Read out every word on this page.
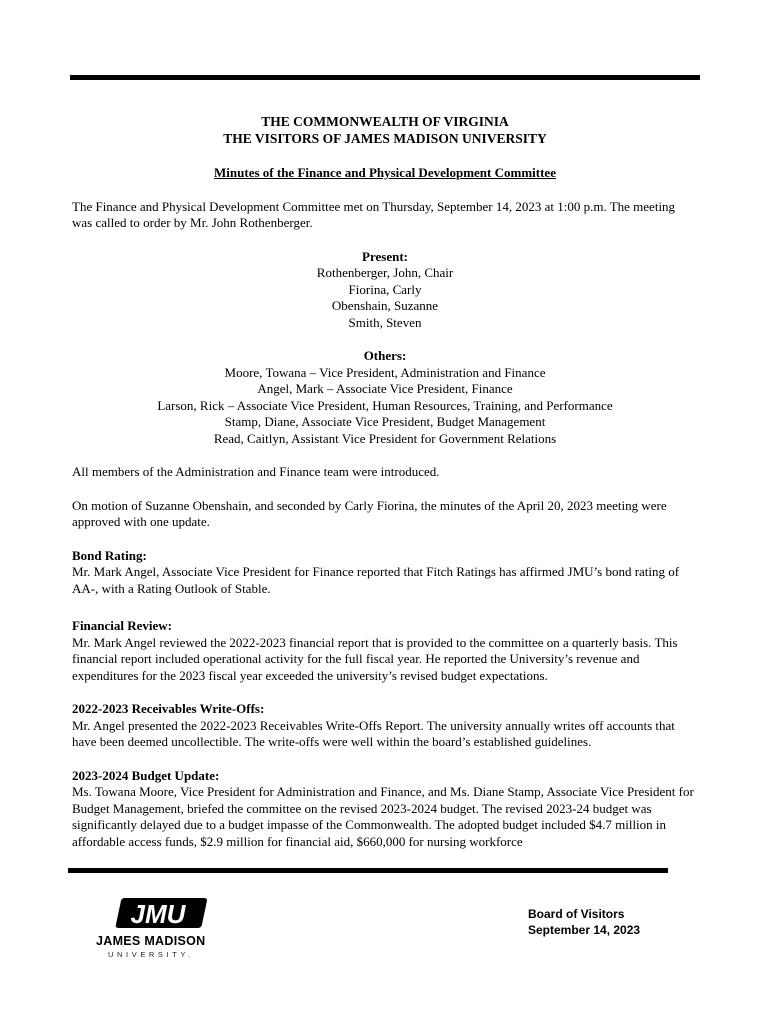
THE COMMONWEALTH OF VIRGINIA
THE VISITORS OF JAMES MADISON UNIVERSITY
Minutes of the Finance and Physical Development Committee
The Finance and Physical Development Committee met on Thursday, September 14, 2023 at 1:00 p.m. The meeting was called to order by Mr. John Rothenberger.
Present:
Rothenberger, John, Chair
Fiorina, Carly
Obenshain, Suzanne
Smith, Steven
Others:
Moore, Towana – Vice President, Administration and Finance
Angel, Mark – Associate Vice President, Finance
Larson, Rick – Associate Vice President, Human Resources, Training, and Performance
Stamp, Diane, Associate Vice President, Budget Management
Read, Caitlyn, Assistant Vice President for Government Relations
All members of the Administration and Finance team were introduced.
On motion of Suzanne Obenshain, and seconded by Carly Fiorina, the minutes of the April 20, 2023 meeting were approved with one update.
Bond Rating:
Mr. Mark Angel, Associate Vice President for Finance reported that Fitch Ratings has affirmed JMU’s bond rating of AA-, with a Rating Outlook of Stable.
Financial Review:
Mr. Mark Angel reviewed the 2022-2023 financial report that is provided to the committee on a quarterly basis. This financial report included operational activity for the full fiscal year. He reported the University’s revenue and expenditures for the 2023 fiscal year exceeded the university’s revised budget expectations.
2022-2023 Receivables Write-Offs:
Mr. Angel presented the 2022-2023 Receivables Write-Offs Report. The university annually writes off accounts that have been deemed uncollectible. The write-offs were well within the board’s established guidelines.
2023-2024 Budget Update:
Ms. Towana Moore, Vice President for Administration and Finance, and Ms. Diane Stamp, Associate Vice President for Budget Management, briefed the committee on the revised 2023-2024 budget. The revised 2023-24 budget was significantly delayed due to a budget impasse of the Commonwealth. The adopted budget included $4.7 million in affordable access funds, $2.9 million for financial aid, $660,000 for nursing workforce
JMU
JAMES MADISON
UNIVERSITY.
Board of Visitors
September 14, 2023
